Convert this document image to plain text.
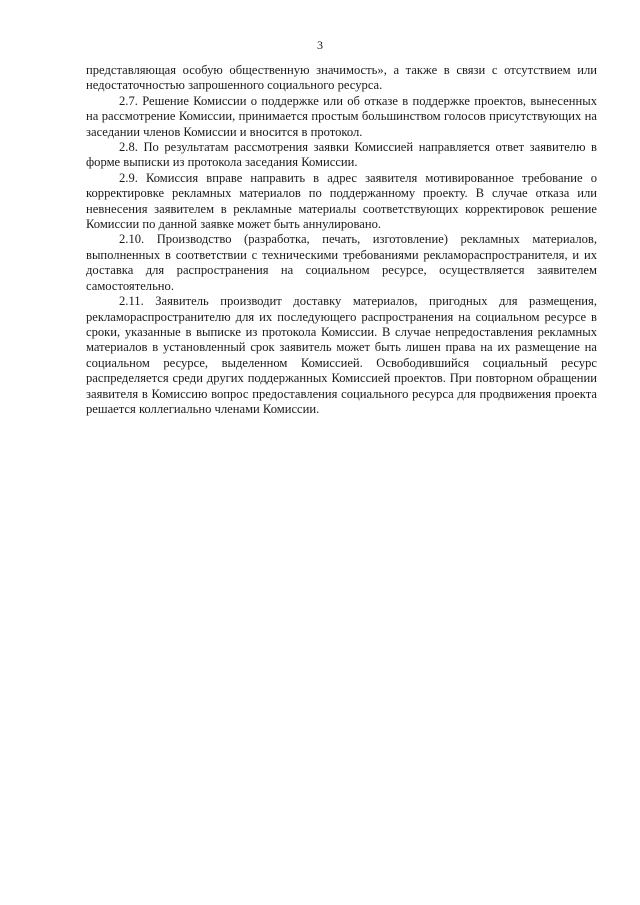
3

представляющая особую общественную значимость», а также в связи с отсутствием или недостаточностью запрошенного социального ресурса.

2.7. Решение Комиссии о поддержке или об отказе в поддержке проектов, вынесенных на рассмотрение Комиссии, принимается простым большинством голосов присутствующих на заседании членов Комиссии и вносится в протокол.

2.8. По результатам рассмотрения заявки Комиссией направляется ответ заявителю в форме выписки из протокола заседания Комиссии.

2.9. Комиссия вправе направить в адрес заявителя мотивированное требование о корректировке рекламных материалов по поддержанному проекту. В случае отказа или невнесения заявителем в рекламные материалы соответствующих корректировок решение Комиссии по данной заявке может быть аннулировано.

2.10. Производство (разработка, печать, изготовление) рекламных материалов, выполненных в соответствии с техническими требованиями рекламораспространителя, и их доставка для распространения на социальном ресурсе, осуществляется заявителем самостоятельно.

2.11. Заявитель производит доставку материалов, пригодных для размещения, рекламораспространителю для их последующего распространения на социальном ресурсе в сроки, указанные в выписке из протокола Комиссии. В случае непредоставления рекламных материалов в установленный срок заявитель может быть лишен права на их размещение на социальном ресурсе, выделенном Комиссией. Освободившийся социальный ресурс распределяется среди других поддержанных Комиссией проектов. При повторном обращении заявителя в Комиссию вопрос предоставления социального ресурса для продвижения проекта решается коллегиально членами Комиссии.
